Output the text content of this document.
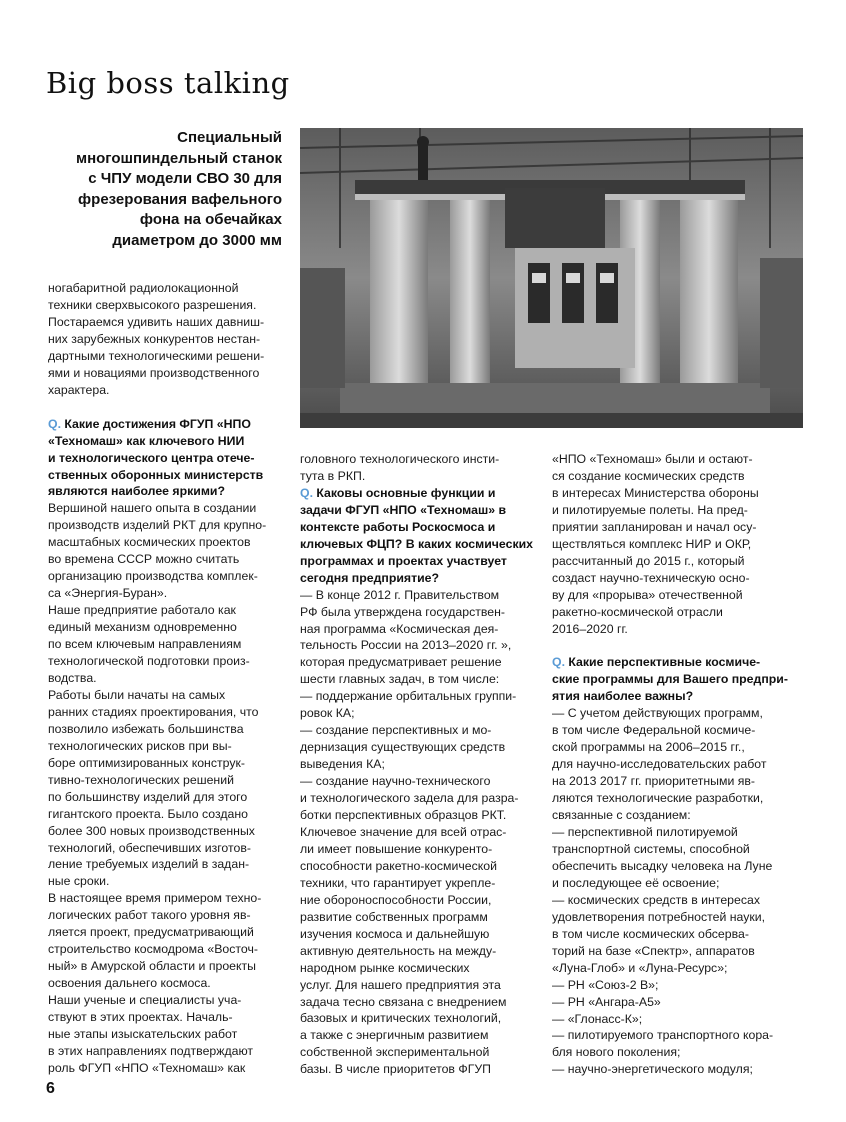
Big boss talking
Специальный
многошпиндельный станок
с ЧПУ модели СВО 30 для
фрезерования вафельного
фона на обечайках
диаметром до 3000 мм
ногабаритной радиолокационной
техники сверхвысокого разрешения.
Постараемся удивить наших давниш-
них зарубежных конкурентов нестан-
дартными технологическими решени-
ями и новациями производственного
характера.
Q. Какие достижения ФГУП «НПО
«Техномаш» как ключевого НИИ
и технологического центра отече-
ственных оборонных министерств
являются наиболее яркими?
Вершиной нашего опыта в создании
производств изделий РКТ для крупно-
масштабных космических проектов
во времена СССР можно считать
организацию производства комплек-
са «Энергия-Буран».
Наше предприятие работало как
единый механизм одновременно
по всем ключевым направлениям
технологической подготовки произ-
водства.
Работы были начаты на самых
ранних стадиях проектирования, что
позволило избежать большинства
технологических рисков при вы-
боре оптимизированных конструк-
тивно-технологических решений
по большинству изделий для этого
гигантского проекта. Было создано
более 300 новых производственных
технологий, обеспечивших изготов-
ление требуемых изделий в задан-
ные сроки.
В настоящее время примером техно-
логических работ такого уровня яв-
ляется проект, предусматривающий
строительство космодрома «Восточ-
ный» в Амурской области и проекты
освоения дальнего космоса.
Наши ученые и специалисты уча-
ствуют в этих проектах. Началь-
ные этапы изыскательских работ
в этих направлениях подтверждают
роль ФГУП «НПО «Техномаш» как
головного технологического инсти-
тута в РКП.
Q. Каковы основные функции и
задачи ФГУП «НПО «Техномаш» в
контексте работы Роскосмоса и
ключевых ФЦП? В каких космических
программах и проектах участвует
сегодня предприятие?
— В конце 2012 г. Правительством
РФ была утверждена государствен-
ная программа «Космическая дея-
тельность России на 2013–2020 гг. »,
которая предусматривает решение
шести главных задач, в том числе:
— поддержание орбитальных группи-
ровок КА;
— создание перспективных и мо-
дернизация существующих средств
выведения КА;
— создание научно-технического
и технологического задела для разра-
ботки перспективных образцов РКТ.
Ключевое значение для всей отрас-
ли имеет повышение конкуренто-
способности ракетно-космической
техники, что гарантирует укрепле-
ние обороноспособности России,
развитие собственных программ
изучения космоса и дальнейшую
активную деятельность на между-
народном рынке космических
услуг. Для нашего предприятия эта
задача тесно связана с внедрением
базовых и критических технологий,
а также с энергичным развитием
собственной экспериментальной
базы. В числе приоритетов ФГУП
«НПО «Техномаш» были и остают-
ся создание космических средств
в интересах Министерства обороны
и пилотируемые полеты. На пред-
приятии запланирован и начал осу-
ществляться комплекс НИР и ОКР,
рассчитанный до 2015 г., который
создаст научно-техническую осно-
ву для «прорыва» отечественной
ракетно-космической отрасли
2016–2020 гг.
Q. Какие перспективные космиче-
ские программы для Вашего предпри-
ятия наиболее важны?
— С учетом действующих программ,
в том числе Федеральной космиче-
ской программы на 2006–2015 гг.,
для научно-исследовательских работ
на 2013 2017 гг. приоритетными яв-
ляются технологические разработки,
связанные с созданием:
— перспективной пилотируемой
транспортной системы, способной
обеспечить высадку человека на Луне
и последующее её освоение;
— космических средств в интересах
удовлетворения потребностей науки,
в том числе космических обсерва-
торий на базе «Спектр», аппаратов
«Луна-Глоб» и «Луна-Ресурс»;
— РН «Союз-2 В»;
— РН «Ангара-А5»
— «Глонасс-К»;
— пилотируемого транспортного кора-
бля нового поколения;
— научно-энергетического модуля;
6
